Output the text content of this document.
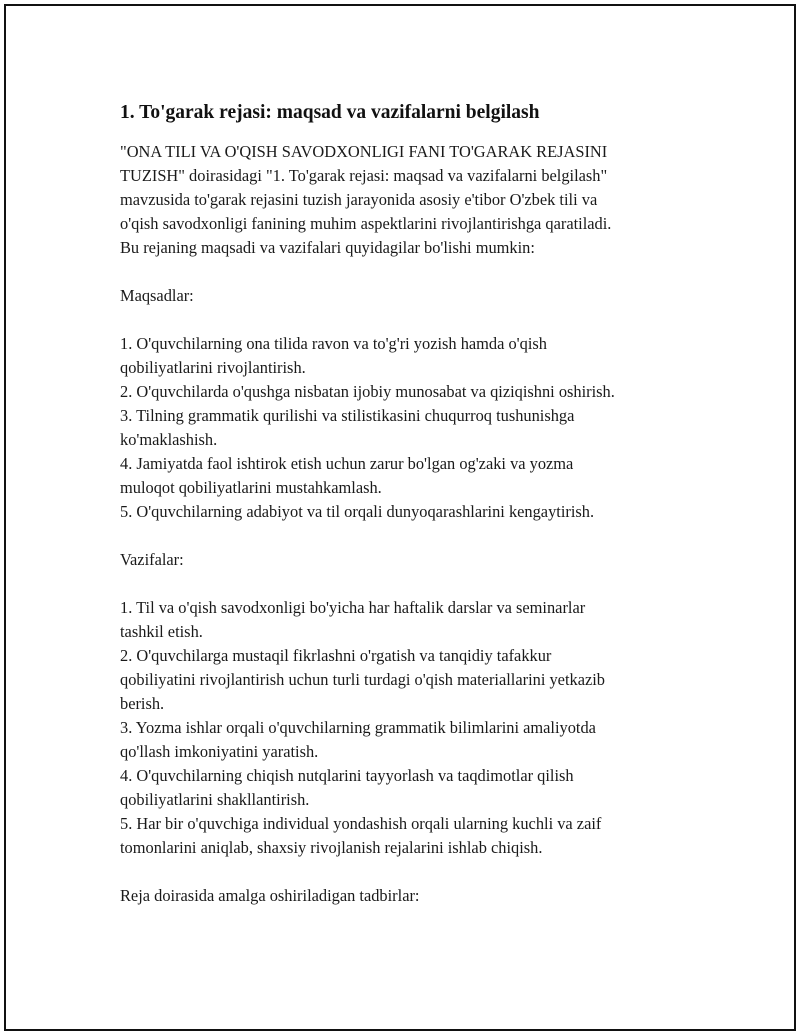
1. To'garak rejasi: maqsad va vazifalarni belgilash
"ONA TILI VA O'QISH SAVODXONLIGI FANI TO'GARAK REJASINI
TUZISH" doirasidagi "1. To'garak rejasi: maqsad va vazifalarni belgilash"
mavzusida to'garak rejasini tuzish jarayonida asosiy e'tibor O'zbek tili va
o'qish savodxonligi fanining muhim aspektlarini rivojlantirishga qaratiladi.
Bu rejaning maqsadi va vazifalari quyidagilar bo'lishi mumkin:
Maqsadlar:
1. O'quvchilarning ona tilida ravon va to'g'ri yozish hamda o'qish
qobiliyatlarini rivojlantirish.
2. O'quvchilarda o'qushga nisbatan ijobiy munosabat va qiziqishni oshirish.
3. Tilning grammatik qurilishi va stilistikasini chuqurroq tushunishga
ko'maklashish.
4. Jamiyatda faol ishtirok etish uchun zarur bo'lgan og'zaki va yozma
muloqot qobiliyatlarini mustahkamlash.
5. O'quvchilarning adabiyot va til orqali dunyoqarashlarini kengaytirish.
Vazifalar:
1. Til va o'qish savodxonligi bo'yicha har haftalik darslar va seminarlar
tashkil etish.
2. O'quvchilarga mustaqil fikrlashni o'rgatish va tanqidiy tafakkur
qobiliyatini rivojlantirish uchun turli turdagi o'qish materiallarini yetkazib
berish.
3. Yozma ishlar orqali o'quvchilarning grammatik bilimlarini amaliyotda
qo'llash imkoniyatini yaratish.
4. O'quvchilarning chiqish nutqlarini tayyorlash va taqdimotlar qilish
qobiliyatlarini shakllantirish.
5. Har bir o'quvchiga individual yondashish orqali ularning kuchli va zaif
tomonlarini aniqlab, shaxsiy rivojlanish rejalarini ishlab chiqish.
Reja doirasida amalga oshiriladigan tadbirlar:
